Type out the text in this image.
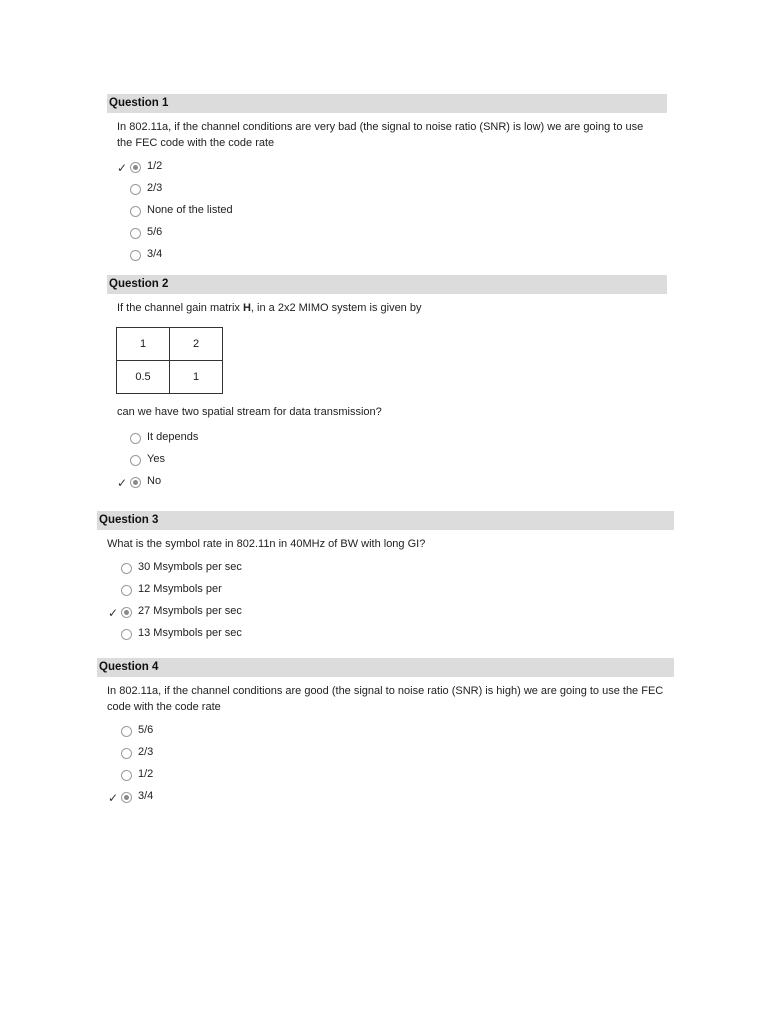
Question 1
In 802.11a, if the channel conditions are very bad (the signal to noise ratio (SNR) is low) we are going to use the FEC code with the code rate
✓ 1/2
2/3
None of the listed
5/6
3/4
Question 2
If the channel gain matrix H, in a 2x2 MIMO system is given by
1	2
0.5	1
can we have two spatial stream for data transmission?
It depends
Yes
✓ No
Question 3
What is the symbol rate in 802.11n in 40MHz of BW with long GI?
30 Msymbols per sec
12 Msymbols per
✓ 27 Msymbols per sec
13 Msymbols per sec
Question 4
In 802.11a, if the channel conditions are good (the signal to noise ratio (SNR) is high) we are going to use the FEC code with the code rate
5/6
2/3
1/2
✓ 3/4
